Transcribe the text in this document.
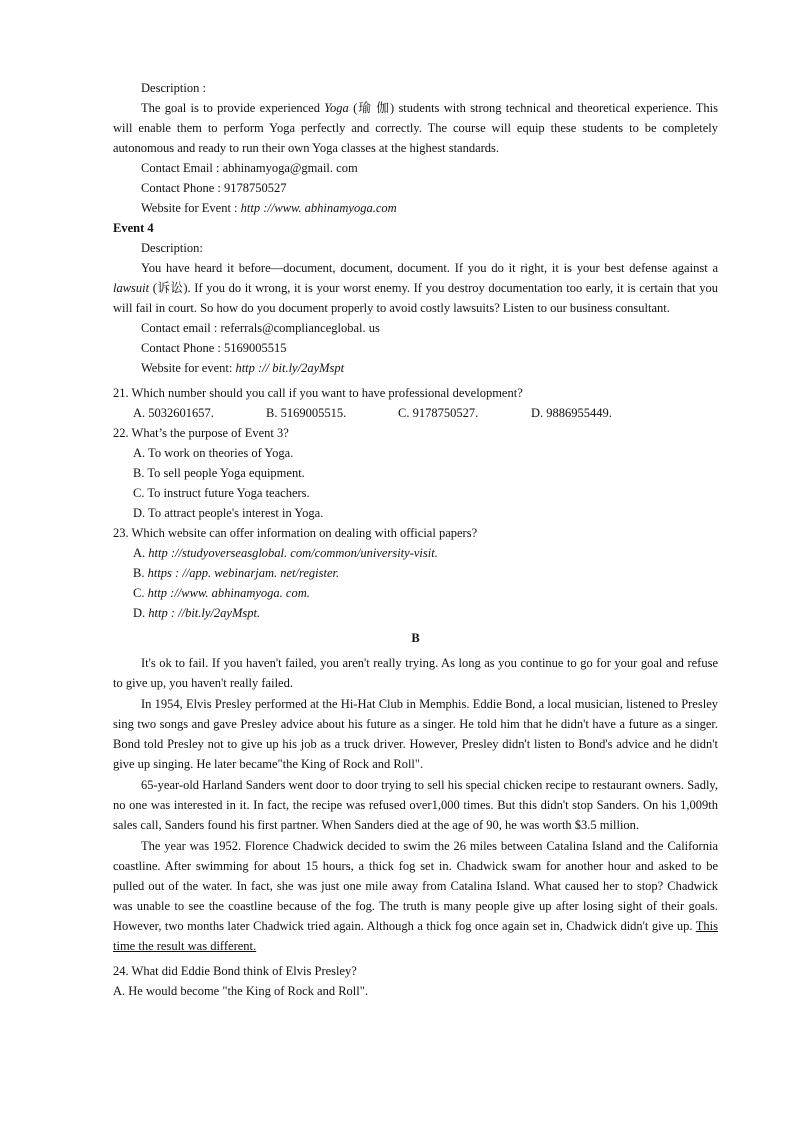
Description :

The goal is to provide experienced Yoga (瑜 伽) students with strong technical and theoretical experience. This will enable them to perform Yoga perfectly and correctly. The course will equip these students to be completely autonomous and ready to run their own Yoga classes at the highest standards.

Contact Email : abhinamyoga@gmail. com

Contact Phone : 9178750527

Website for Event : http ://www. abhinamyoga.com

Event 4

Description:

You have heard it before—document, document, document. If you do it right, it is your best defense against a lawsuit (诉讼). If you do it wrong, it is your worst enemy. If you destroy documentation too early, it is certain that you will fail in court. So how do you document properly to avoid costly lawsuits? Listen to our business consultant.

Contact email : referrals@complianceglobal. us

Contact Phone : 5169005515

Website for event: http :// bit.ly/2ayMspt

21. Which number should you call if you want to have professional development?

A. 5032601657.	B. 5169005515.	C. 9178750527.	D. 9886955449.

22. What’s the purpose of Event 3?

A. To work on theories of Yoga.

B. To sell people Yoga equipment.

C. To instruct future Yoga teachers.

D. To attract people's interest in Yoga.

23. Which website can offer information on dealing with official papers?

A. http ://studyoverseasglobal. com/common/university-visit.

B. https : //app. webinarjam. net/register.

C. http ://www. abhinamyoga. com.

D. http : //bit.ly/2ayMspt.

B

It's ok to fail. If you haven't failed, you aren't really trying. As long as you continue to go for your goal and refuse to give up, you haven't really failed.

In 1954, Elvis Presley performed at the Hi-Hat Club in Memphis. Eddie Bond, a local musician, listened to Presley sing two songs and gave Presley advice about his future as a singer. He told him that he didn't have a future as a singer. Bond told Presley not to give up his job as a truck driver. However, Presley didn't listen to Bond's advice and he didn't give up singing. He later became"the King of Rock and Roll".

65-year-old Harland Sanders went door to door trying to sell his special chicken recipe to restaurant owners. Sadly, no one was interested in it. In fact, the recipe was refused over1,000 times. But this didn't stop Sanders. On his 1,009th sales call, Sanders found his first partner. When Sanders died at the age of 90, he was worth $3.5 million.

The year was 1952. Florence Chadwick decided to swim the 26 miles between Catalina Island and the California coastline. After swimming for about 15 hours, a thick fog set in. Chadwick swam for another hour and asked to be pulled out of the water. In fact, she was just one mile away from Catalina Island. What caused her to stop? Chadwick was unable to see the coastline because of the fog. The truth is many people give up after losing sight of their goals. However, two months later Chadwick tried again. Although a thick fog once again set in, Chadwick didn't give up. This time the result was different.

24. What did Eddie Bond think of Elvis Presley?

A. He would become "the King of Rock and Roll".
